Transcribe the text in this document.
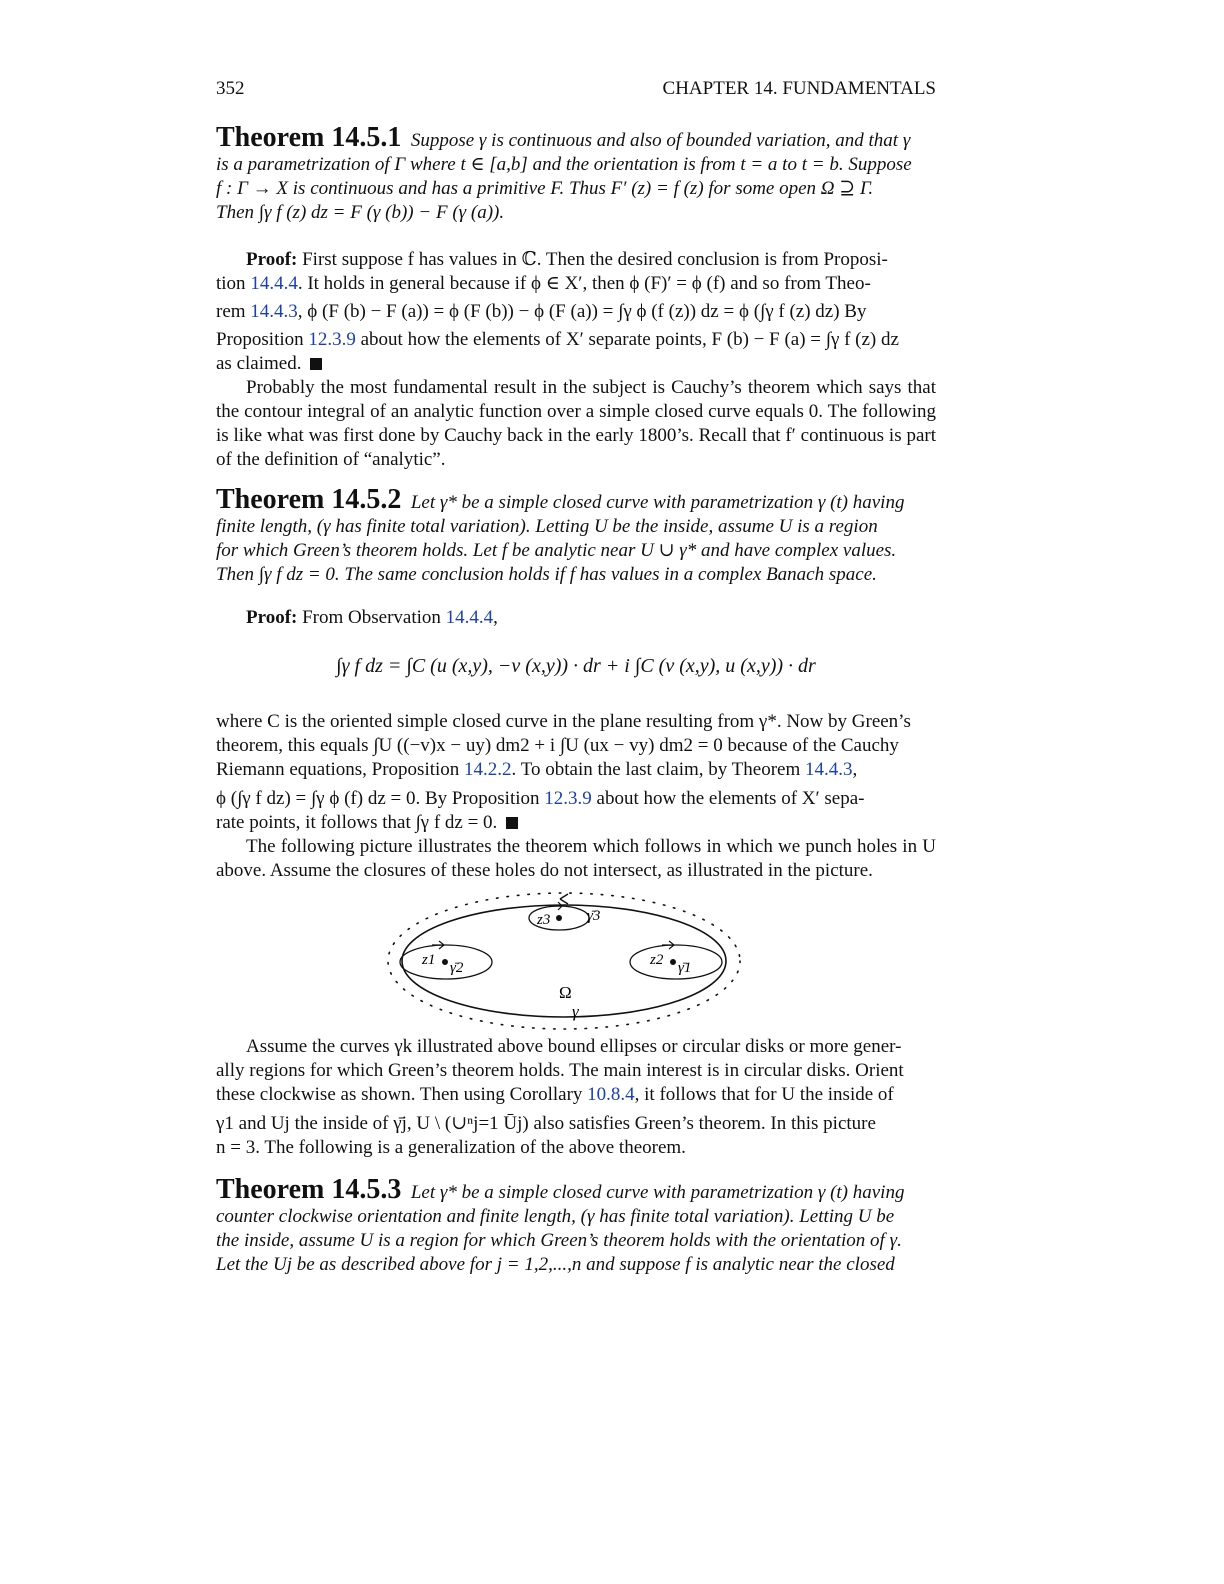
352	CHAPTER 14. FUNDAMENTALS
Theorem 14.5.1 Suppose γ is continuous and also of bounded variation, and that γ
is a parametrization of Γ where t ∈ [a,b] and the orientation is from t = a to t = b. Suppose
f : Γ → X is continuous and has a primitive F. Thus F′ (z) = f (z) for some open Ω ⊇ Γ.
Then ∫γ f (z) dz = F (γ (b)) − F (γ (a)).
Proof: First suppose f has values in ℂ. Then the desired conclusion is from Proposi-
tion 14.4.4. It holds in general because if ϕ ∈ X′, then ϕ (F)′ = ϕ (f) and so from Theo-
rem 14.4.3, ϕ (F (b) − F (a)) = ϕ (F (b)) − ϕ (F (a)) = ∫γ ϕ (f (z)) dz = ϕ (∫γ f (z) dz) By
Proposition 12.3.9 about how the elements of X′ separate points, F (b) − F (a) = ∫γ f (z) dz
as claimed.
Probably the most fundamental result in the subject is Cauchy’s theorem which says that the contour integral of an analytic function over a simple closed curve equals 0. The following is like what was first done by Cauchy back in the early 1800’s. Recall that f′ continuous is part of the definition of “analytic”.
Theorem 14.5.2 Let γ* be a simple closed curve with parametrization γ (t) having
finite length, (γ has finite total variation). Letting U be the inside, assume U is a region
for which Green’s theorem holds. Let f be analytic near U ∪ γ* and have complex values.
Then ∫γ f dz = 0. The same conclusion holds if f has values in a complex Banach space.
Proof: From Observation 14.4.4,
∫γ f dz = ∫C (u (x,y), −v (x,y)) · dr + i ∫C (v (x,y), u (x,y)) · dr
where C is the oriented simple closed curve in the plane resulting from γ*. Now by Green’s
theorem, this equals ∫U ((−v)x − uy) dm2 + i ∫U (ux − vy) dm2 = 0 because of the Cauchy
Riemann equations, Proposition 14.2.2. To obtain the last claim, by Theorem 14.4.3,
ϕ (∫γ f dz) = ∫γ ϕ (f) dz = 0. By Proposition 12.3.9 about how the elements of X′ sepa-
rate points, it follows that ∫γ f dz = 0.
The following picture illustrates the theorem which follows in which we punch holes in U above. Assume the closures of these holes do not intersect, as illustrated in the picture.
z3 γ̄3
z1 γ̄2	z2 γ̄1
Ω
γ
Assume the curves γk illustrated above bound ellipses or circular disks or more gener-
ally regions for which Green’s theorem holds. The main interest is in circular disks. Orient
these clockwise as shown. Then using Corollary 10.8.4, it follows that for U the inside of
γ1 and Uj the inside of γ̄j, U \ (∪ⁿj=1 Ūj) also satisfies Green’s theorem. In this picture
n = 3. The following is a generalization of the above theorem.
Theorem 14.5.3 Let γ* be a simple closed curve with parametrization γ (t) having
counter clockwise orientation and finite length, (γ has finite total variation). Letting U be
the inside, assume U is a region for which Green’s theorem holds with the orientation of γ.
Let the Uj be as described above for j = 1,2,...,n and suppose f is analytic near the closed
